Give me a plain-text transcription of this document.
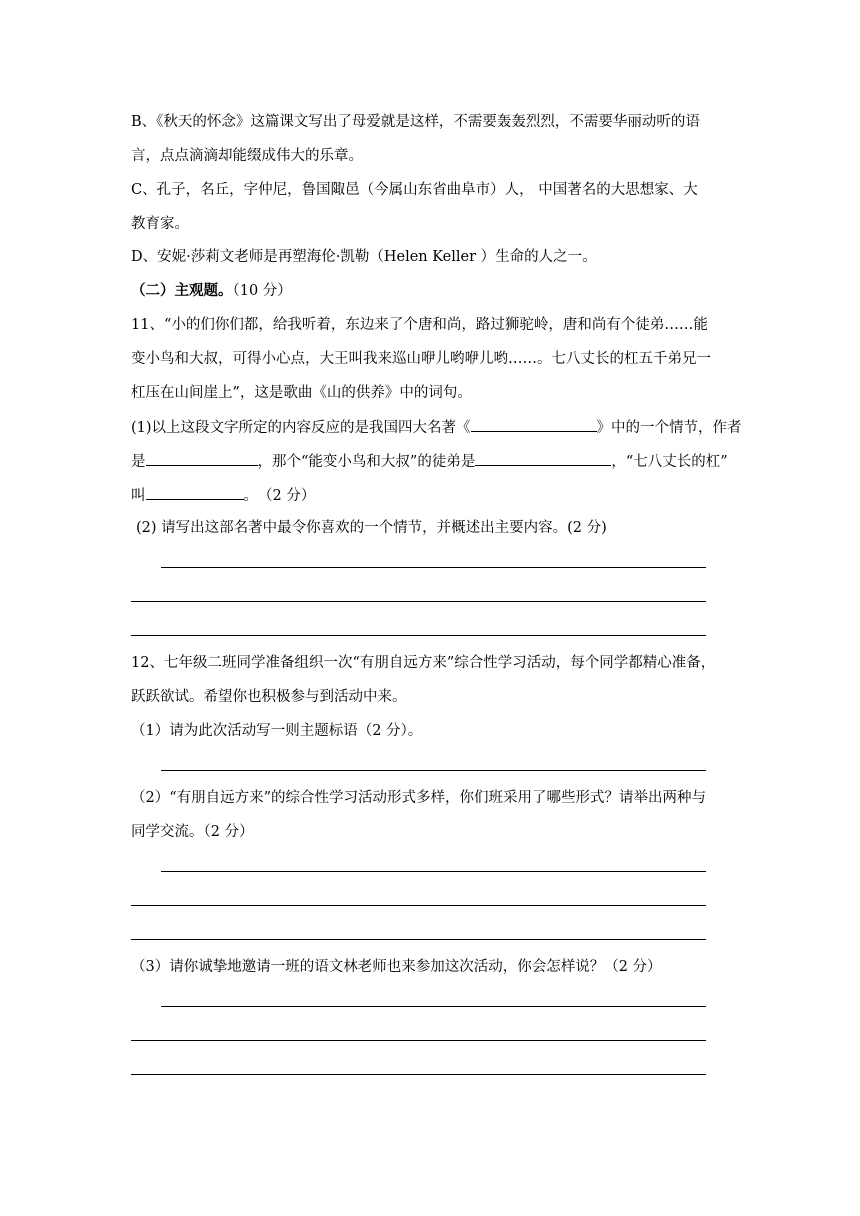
B、《秋天的怀念》这篇课文写出了母爱就是这样，不需要轰轰烈烈，不需要华丽动听的语
言，点点滴滴却能缀成伟大的乐章。
C、孔子，名丘，字仲尼，鲁国陬邑（今属山东省曲阜市）人， 中国著名的大思想家、大
教育家。
D、安妮·莎莉文老师是再塑海伦·凯勒（Helen Keller ）生命的人之一。
（二）主观题。（10 分）
11、“小的们你们都，给我听着，东边来了个唐和尚，路过狮驼岭，唐和尚有个徒弟……能
变小鸟和大叔，可得小心点，大王叫我来巡山咿儿哟咿儿哟……。七八丈长的杠五千弟兄一
杠压在山间崖上”，这是歌曲《山的供养》中的词句。
(1)以上这段文字所定的内容反应的是我国四大名著《	》中的一个情节，作者
是	，那个“能变小鸟和大叔”的徒弟是	，“七八丈长的杠”
叫	。　（2 分）
(2) 请写出这部名著中最令你喜欢的一个情节，并概述出主要内容。(2 分)
12、七年级二班同学准备组织一次“有朋自远方来”综合性学习活动，每个同学都精心准备，
跃跃欲试。希望你也积极参与到活动中来。
（1）请为此次活动写一则主题标语（2 分）。
（2）“有朋自远方来”的综合性学习活动形式多样，你们班采用了哪些形式？请举出两种与
同学交流。（2 分）
（3）请你诚挚地邀请一班的语文林老师也来参加这次活动，你会怎样说？（2 分）
